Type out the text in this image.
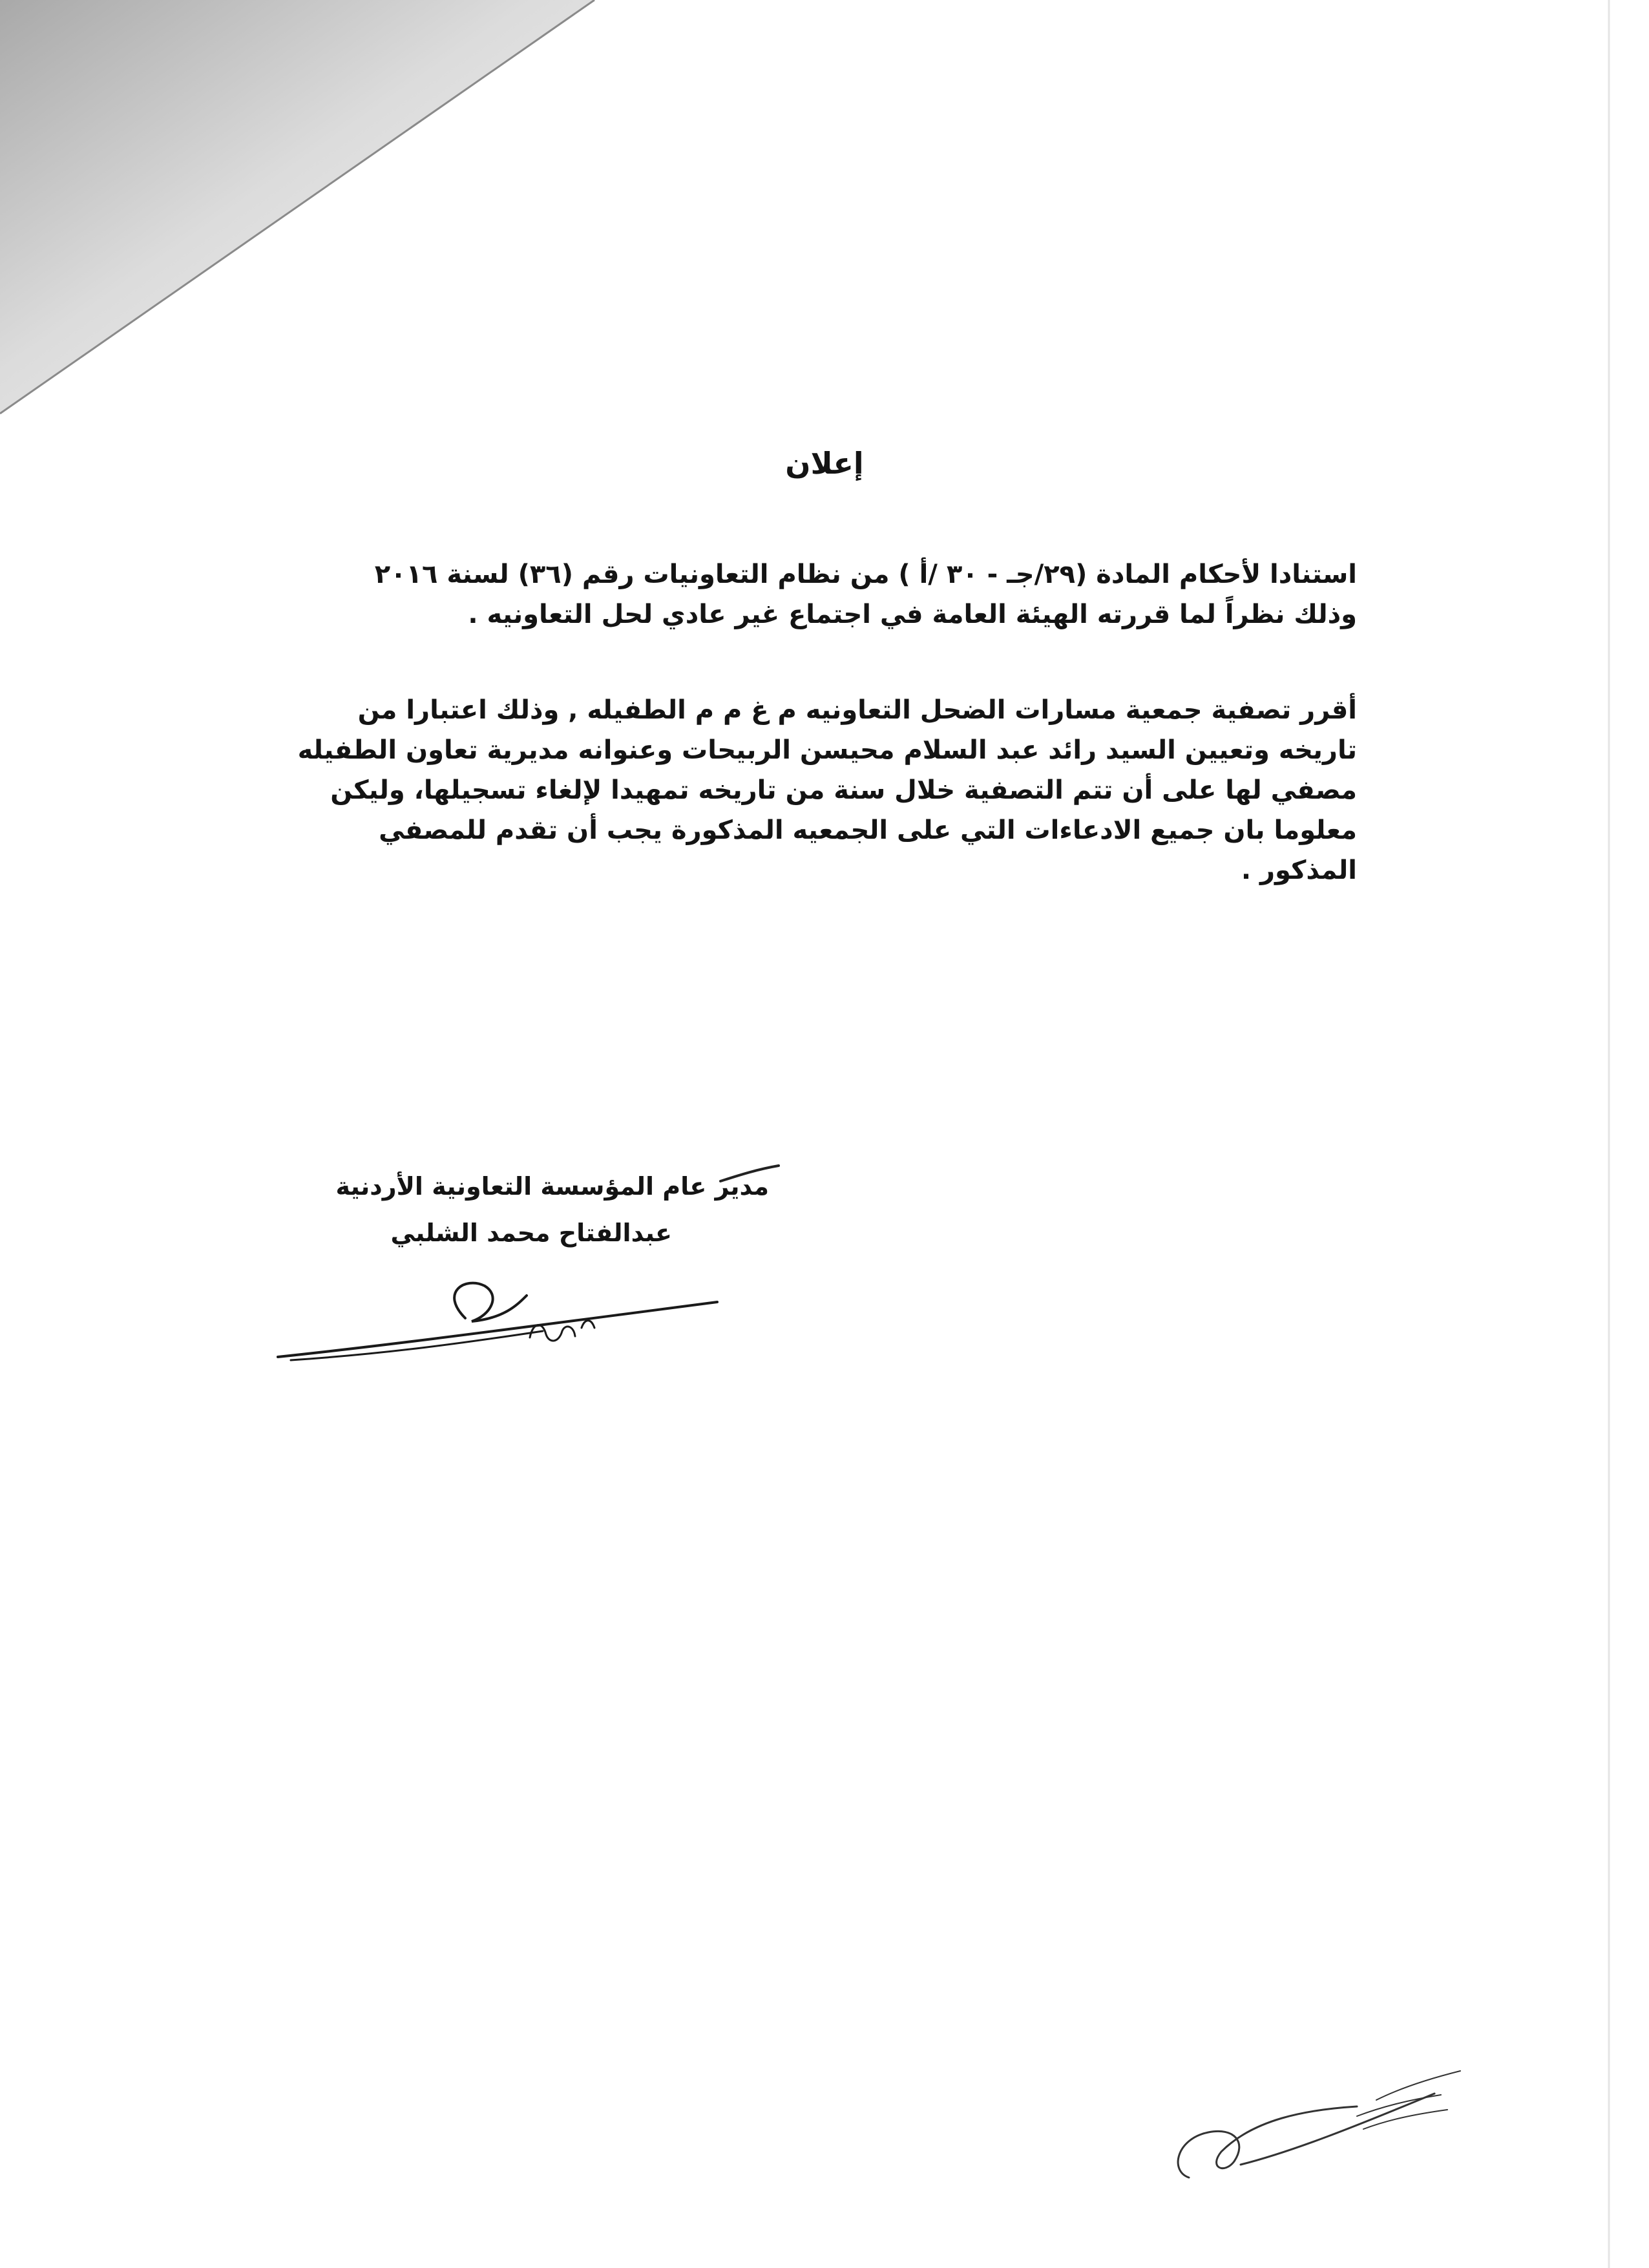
إعلان

استنادا لأحكام المادة (٢٩/جـ - ٣٠ /أ ) من نظام التعاونيات رقم (٣٦) لسنة ٢٠١٦

وذلك نظراً لما قررته الهيئة العامة في اجتماع غير عادي لحل التعاونيه .

أقرر تصفية جمعية مسارات الضحل التعاونيه م غ م م الطفيله , وذلك اعتبارا من

تاريخه وتعيين السيد رائد عبد السلام محيسن الربيحات وعنوانه مديرية تعاون الطفيله

مصفي لها على أن تتم التصفية خلال سنة من تاريخه تمهيدا لإلغاء تسجيلها، وليكن

معلوما بان جميع الادعاءات التي على الجمعيه المذكورة يجب أن تقدم للمصفي

المذكور .

مدير عام المؤسسة التعاونية الأردنية
عبدالفتاح محمد الشلبي
